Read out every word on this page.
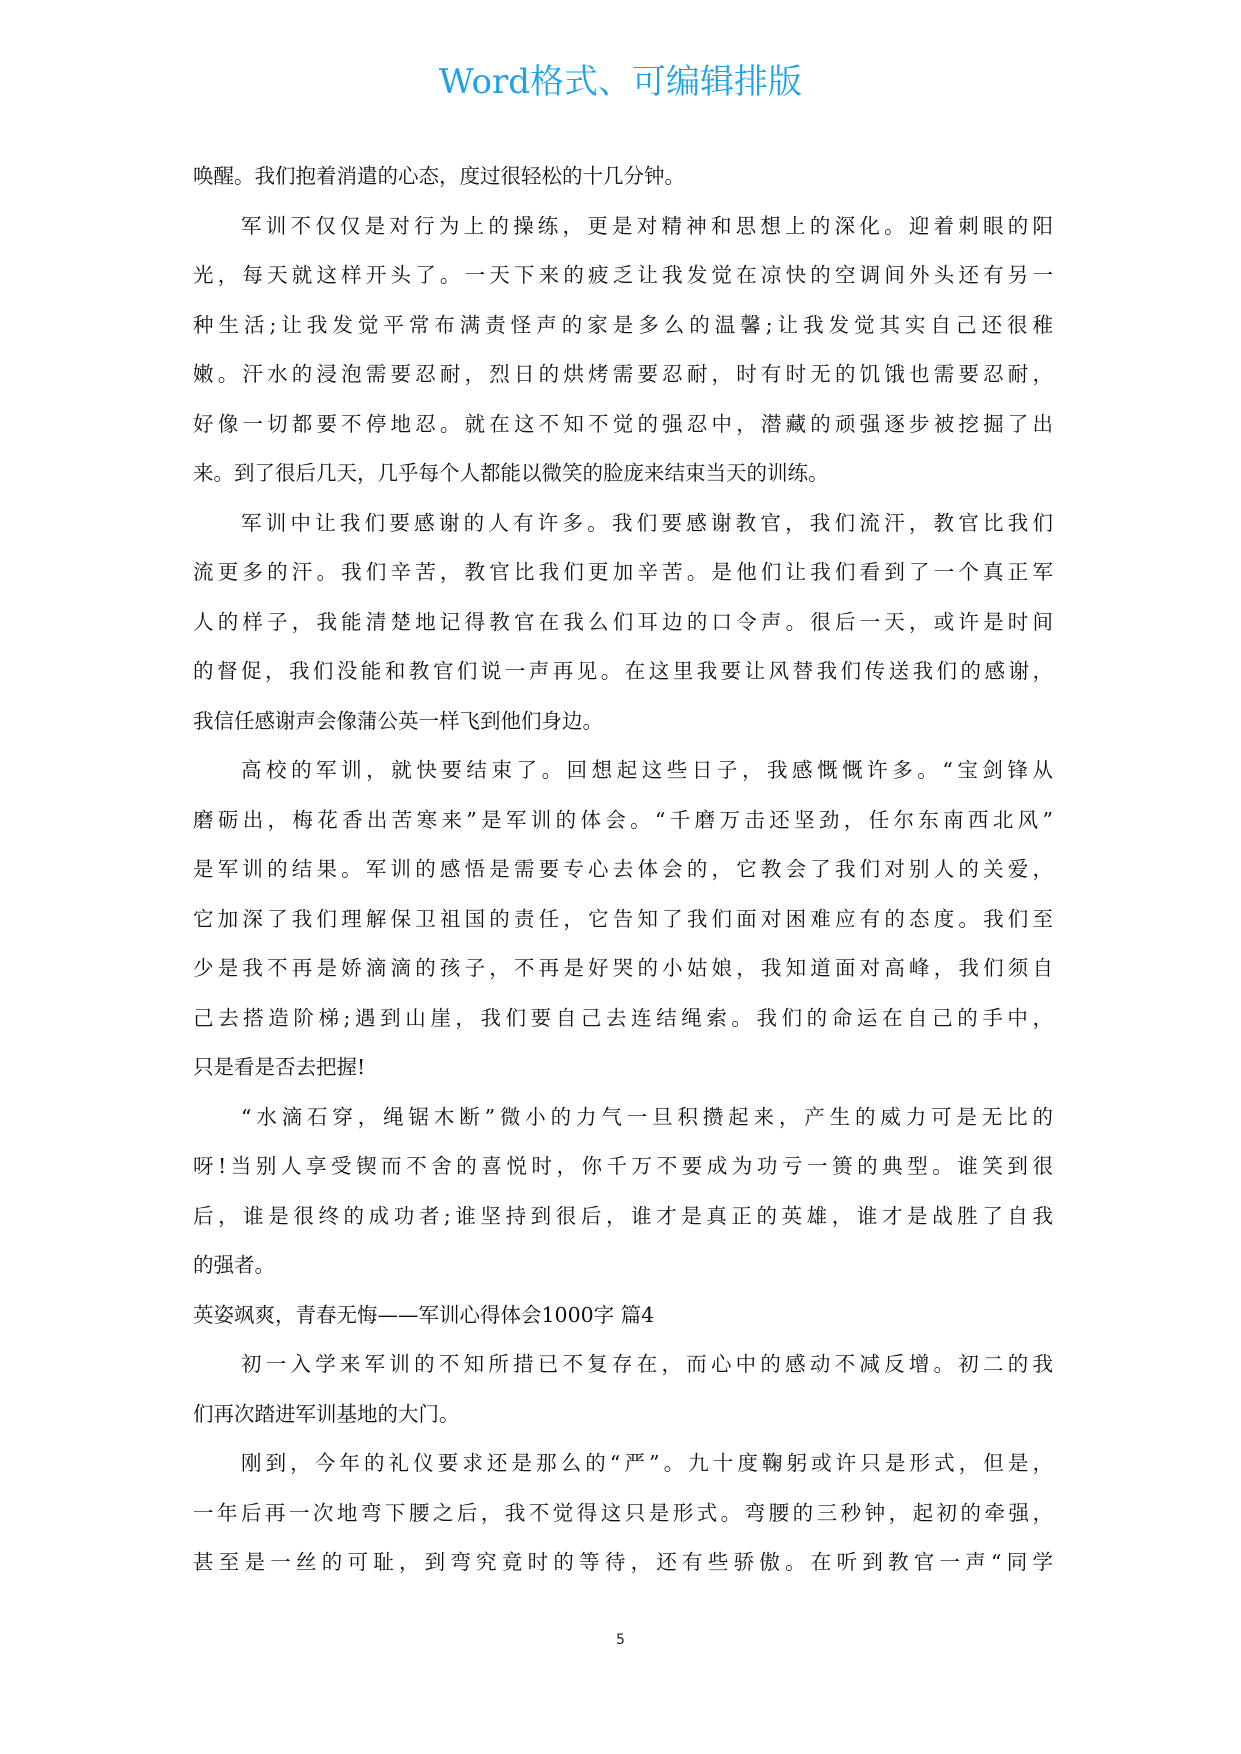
Word格式、可编辑排版
唤醒。我们抱着消遣的心态，度过很轻松的十几分钟。
军训不仅仅是对行为上的操练，更是对精神和思想上的深化。迎着刺眼的阳
光，每天就这样开头了。一天下来的疲乏让我发觉在凉快的空调间外头还有另一
种生活;让我发觉平常布满责怪声的家是多么的温馨;让我发觉其实自己还很稚
嫩。汗水的浸泡需要忍耐，烈日的烘烤需要忍耐，时有时无的饥饿也需要忍耐，
好像一切都要不停地忍。就在这不知不觉的强忍中，潜藏的顽强逐步被挖掘了出
来。到了很后几天，几乎每个人都能以微笑的脸庞来结束当天的训练。
军训中让我们要感谢的人有许多。我们要感谢教官，我们流汗，教官比我们
流更多的汗。我们辛苦，教官比我们更加辛苦。是他们让我们看到了一个真正军
人的样子，我能清楚地记得教官在我么们耳边的口令声。很后一天，或许是时间
的督促，我们没能和教官们说一声再见。在这里我要让风替我们传送我们的感谢，
我信任感谢声会像蒲公英一样飞到他们身边。
高校的军训，就快要结束了。回想起这些日子，我感慨慨许多。“宝剑锋从
磨砺出，梅花香出苦寒来”是军训的体会。“千磨万击还坚劲，任尔东南西北风”
是军训的结果。军训的感悟是需要专心去体会的，它教会了我们对别人的关爱，
它加深了我们理解保卫祖国的责任，它告知了我们面对困难应有的态度。我们至
少是我不再是娇滴滴的孩子，不再是好哭的小姑娘，我知道面对高峰，我们须自
己去搭造阶梯;遇到山崖，我们要自己去连结绳索。我们的命运在自己的手中，
只是看是否去把握!
“水滴石穿，绳锯木断”微小的力气一旦积攒起来，产生的威力可是无比的
呀!当别人享受锲而不舍的喜悦时，你千万不要成为功亏一篑的典型。谁笑到很
后，谁是很终的成功者;谁坚持到很后，谁才是真正的英雄，谁才是战胜了自我
的强者。
英姿飒爽，青春无悔——军训心得体会1000字 篇4
初一入学来军训的不知所措已不复存在，而心中的感动不减反增。初二的我
们再次踏进军训基地的大门。
刚到，今年的礼仪要求还是那么的“严”。九十度鞠躬或许只是形式，但是，
一年后再一次地弯下腰之后，我不觉得这只是形式。弯腰的三秒钟，起初的牵强，
甚至是一丝的可耻，到弯究竟时的等待，还有些骄傲。在听到教官一声“同学
5
